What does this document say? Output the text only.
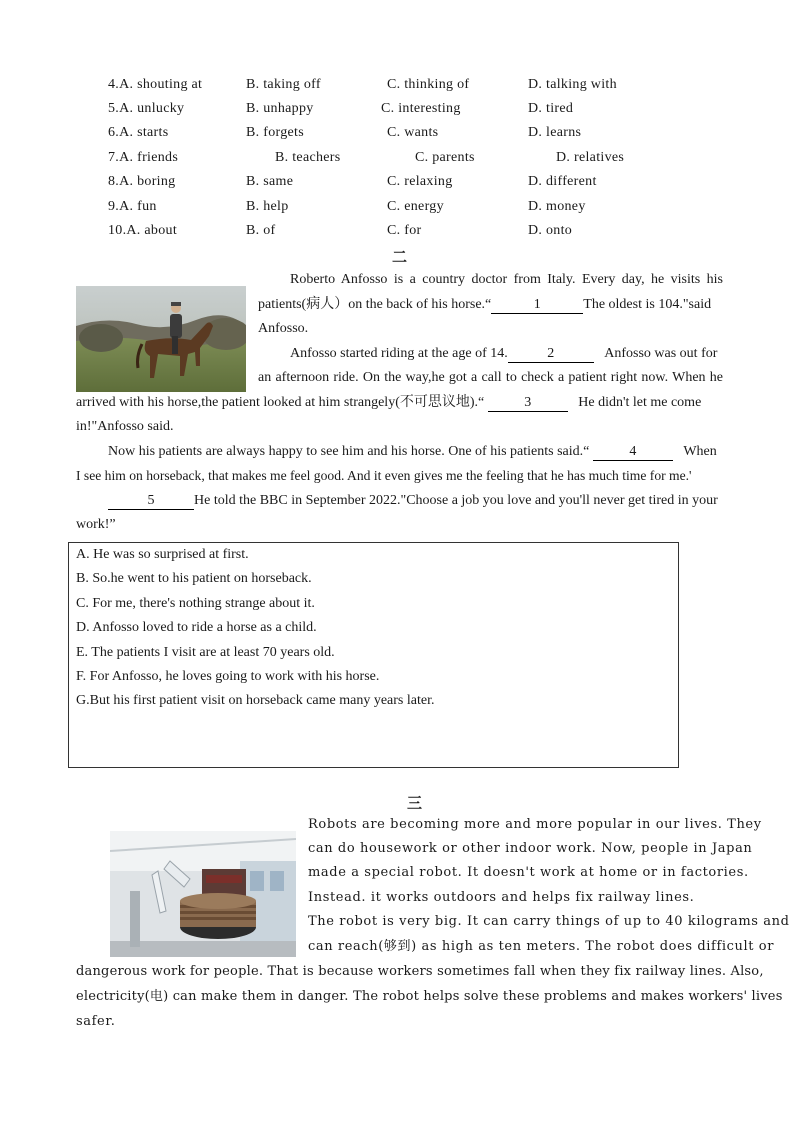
4.A. shouting at	B. taking off	C. thinking of	D. talking with
5.A. unlucky	B. unhappy	C. interesting	D. tired
6.A. starts	B. forgets	C. wants	D. learns
7.A. friends	B. teachers	C. parents	D. relatives
8.A. boring	B. same	C. relaxing	D. different
9.A. fun	B. help	C. energy	D. money
10.A. about	B. of	C. for	D. onto
二
Roberto Anfosso is a country doctor from Italy. Every day, he visits his
patients(病人）on the back of his horse.“	1	The oldest is 104."said
Anfosso.
Anfosso started riding at the age of 14.	2	Anfosso was out for
an afternoon ride. On the way,he got a call to check a patient right now. When he
arrived with his horse,the patient looked at him strangely(不可思议地).“	3	He didn't let me come
in!"Anfosso said.
Now his patients are always happy to see him and his horse. One of his patients said.“	4	When
I see him on horseback, that makes me feel good. And it even gives me the feeling that he has much time for me.'
5	He told the BBC in September 2022."Choose a job you love and you'll never get tired in your
work!”
A. He was so surprised at first.
B. So.he went to his patient on horseback.
C. For me, there's nothing strange about it.
D. Anfosso loved to ride a horse as a child.
E. The patients I visit are at least 70 years old.
F. For Anfosso, he loves going to work with his horse.
G.But his first patient visit on horseback came many years later.
三
Robots are becoming more and more popular in our lives. They
can do housework or other indoor work. Now, people in Japan
made a special robot. It doesn't work at home or in factories.
Instead. it works outdoors and helps fix railway lines.
The robot is very big. It can carry things of up to 40 kilograms and
can reach(够到) as high as ten meters. The robot does difficult or
dangerous work for people. That is because workers sometimes fall when they fix railway lines. Also,
electricity(电) can make them in danger. The robot helps solve these problems and makes workers' lives
safer.
